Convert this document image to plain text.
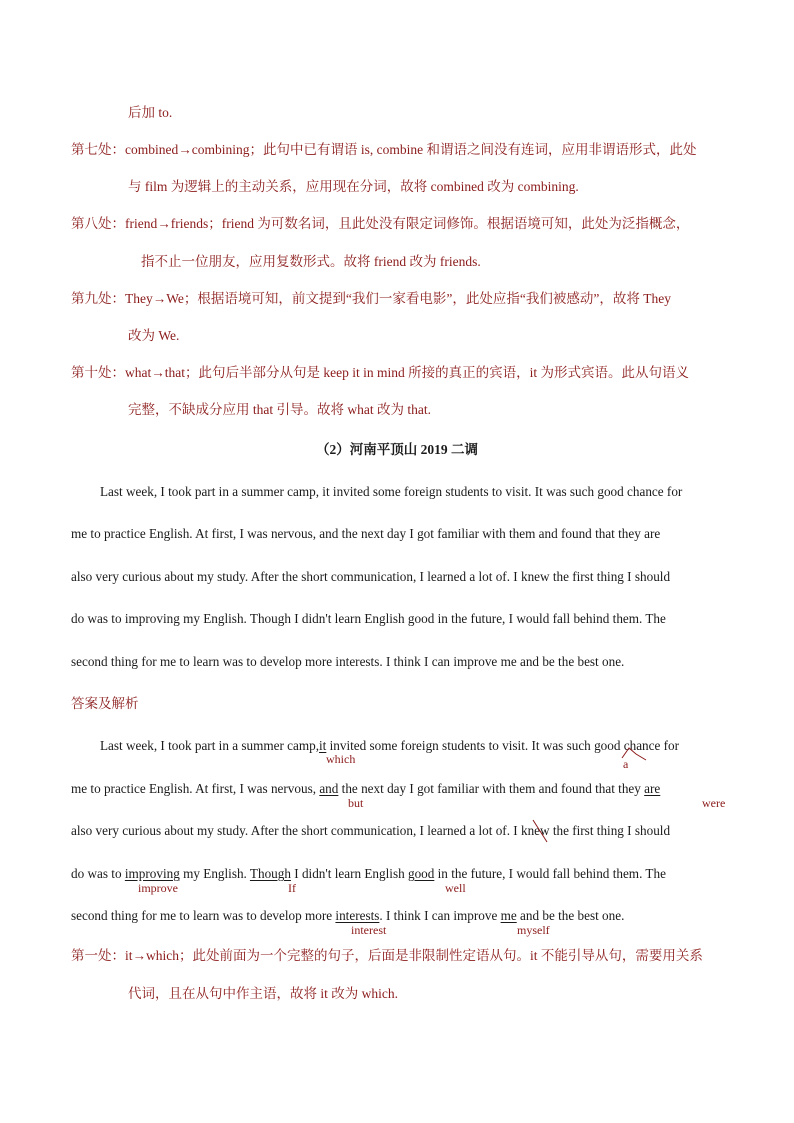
后加 to.
第七处：combined→combining；此句中已有谓语 is, combine 和谓语之间没有连词，应用非谓语形式，此处
与 film 为逻辑上的主动关系，应用现在分词，故将 combined 改为 combining.
第八处：friend→friends；friend 为可数名词，且此处没有限定词修饰。根据语境可知，此处为泛指概念，
指不止一位朋友，应用复数形式。故将 friend 改为 friends.
第九处：They→We；根据语境可知，前文提到“我们一家看电影”，此处应指“我们被感动”，故将 They
改为 We.
第十处：what→that；此句后半部分从句是 keep it in mind 所接的真正的宾语，it 为形式宾语。此从句语义
完整，不缺成分应用 that 引导。故将 what 改为 that.
（2）河南平顶山 2019 二调
Last week, I took part in a summer camp, it invited some foreign students to visit. It was such good chance for
me to practice English. At first, I was nervous, and the next day I got familiar with them and found that they are
also very curious about my study. After the short communication, I learned a lot of. I knew the first thing I should
do was to improving my English. Though I didn't learn English good in the future, I would fall behind them. The
second thing for me to learn was to develop more interests. I think I can improve me and be the best one.
答案及解析
Last week, I took part in a summer camp,it invited some foreign students to visit. It was such good chance for
which	a
me to practice English. At first, I was nervous, and the next day I got familiar with them and found that they are
but	were
also very curious about my study. After the short communication, I learned a lot of. I knew the first thing I should
do was to improving my English. Though I didn't learn English good in the future, I would fall behind them. The
improve	If	well
second thing for me to learn was to develop more interests. I think I can improve me and be the best one.
interest	myself
第一处：it→which；此处前面为一个完整的句子，后面是非限制性定语从句。it 不能引导从句，需要用关系
代词，且在从句中作主语，故将 it 改为 which.
